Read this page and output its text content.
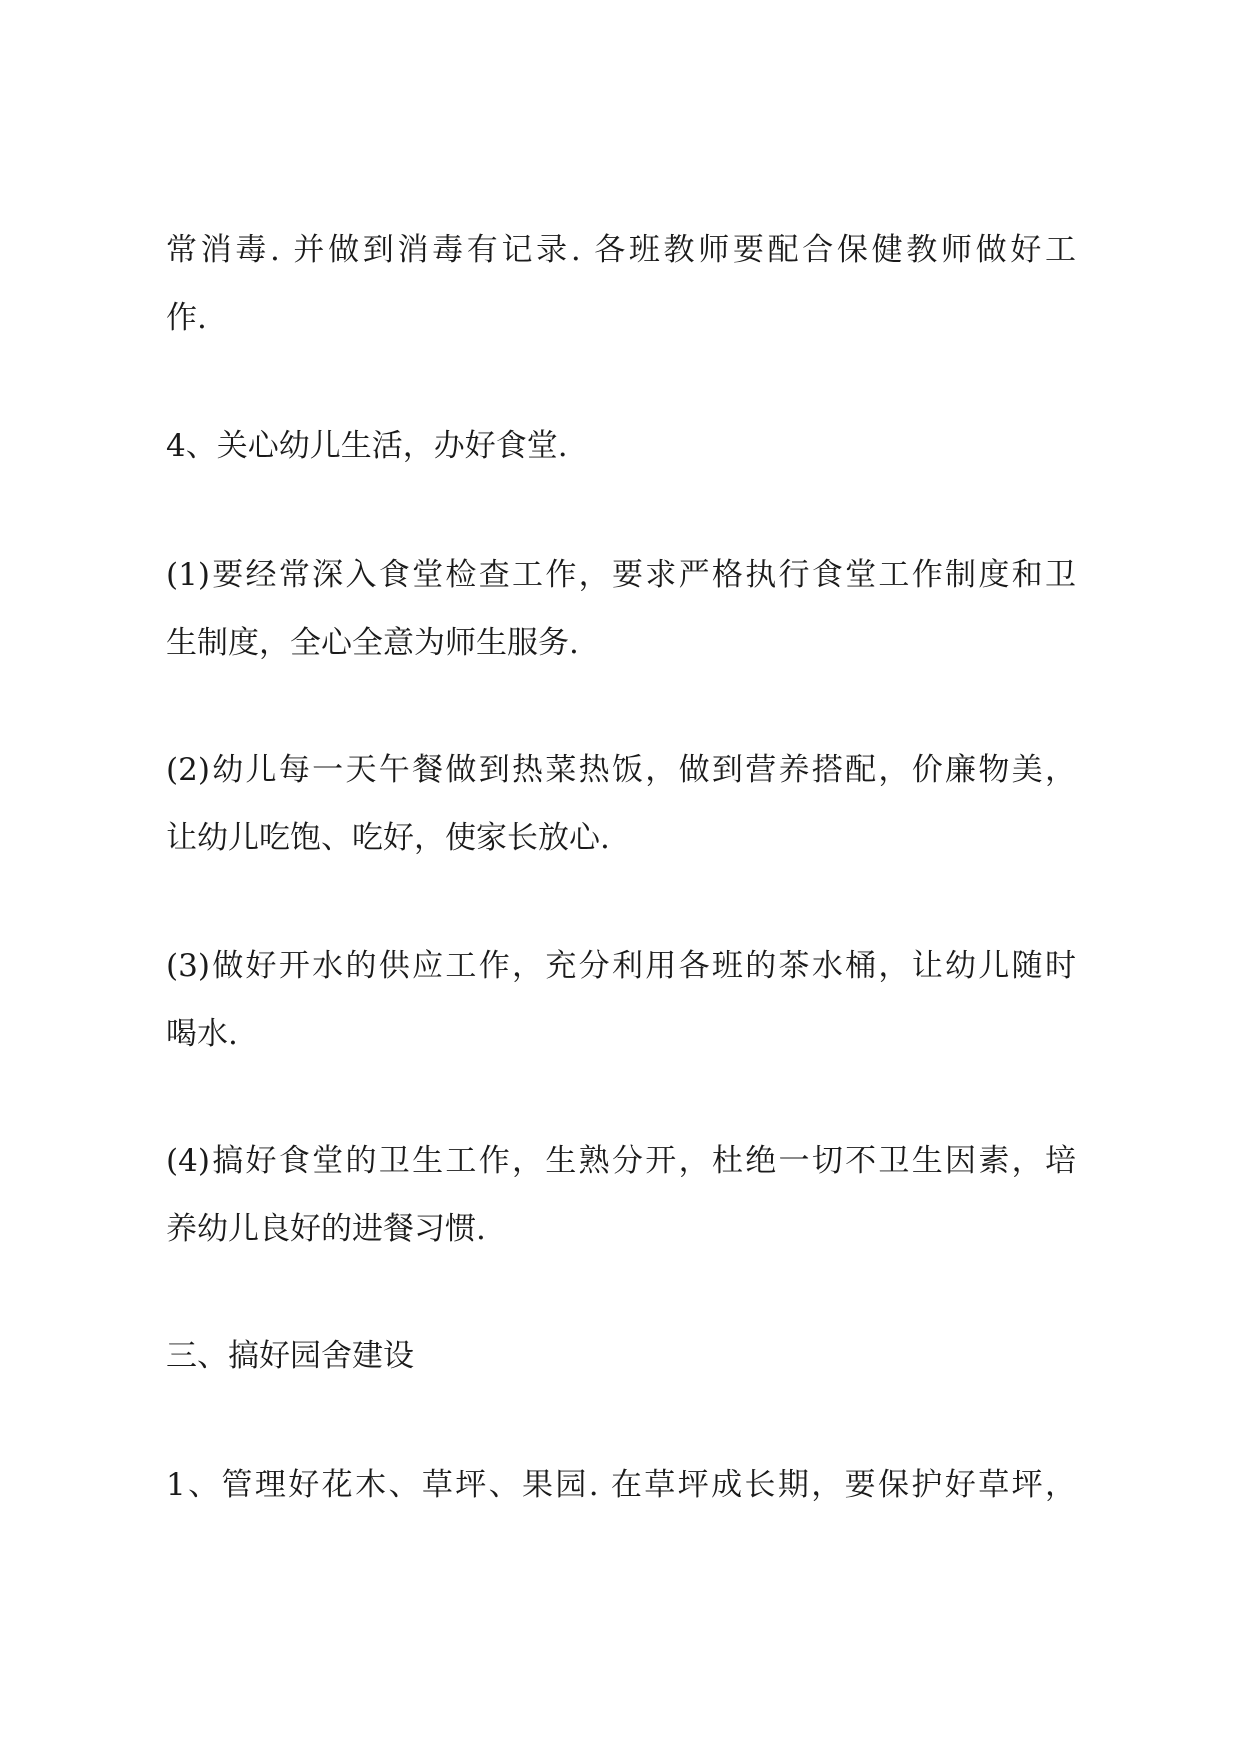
常消毒. 并做到消毒有记录. 各班教师要配合保健教师做好工
作.
4、关心幼儿生活，办好食堂.
(1)要经常深入食堂检查工作，要求严格执行食堂工作制度和卫
生制度，全心全意为师生服务.
(2)幼儿每一天午餐做到热菜热饭，做到营养搭配，价廉物美，
让幼儿吃饱、吃好，使家长放心.
(3)做好开水的供应工作，充分利用各班的茶水桶，让幼儿随时
喝水.
(4)搞好食堂的卫生工作，生熟分开，杜绝一切不卫生因素，培
养幼儿良好的进餐习惯.
三、搞好园舍建设
1、管理好花木、草坪、果园. 在草坪成长期，要保护好草坪，
